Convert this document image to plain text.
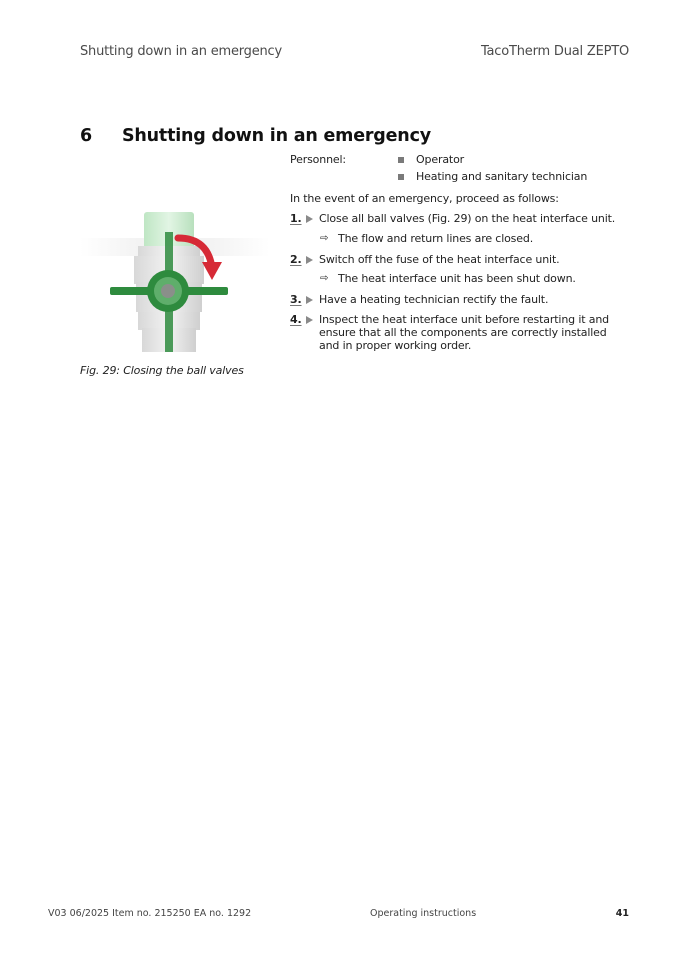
Shutting down in an emergency	TacoTherm Dual ZEPTO
6 Shutting down in an emergency
Personnel:	Operator
Heating and sanitary technician
In the event of an emergency, proceed as follows:
1. Close all ball valves (Fig. 29) on the heat interface unit.
⇨ The flow and return lines are closed.
2. Switch off the fuse of the heat interface unit.
⇨ The heat interface unit has been shut down.
3. Have a heating technician rectify the fault.
4. Inspect the heat interface unit before restarting it and ensure that all the components are correctly installed and in proper working order.
Fig. 29: Closing the ball valves
V03 06/2025 Item no. 215250 EA no. 1292	Operating instructions	41
